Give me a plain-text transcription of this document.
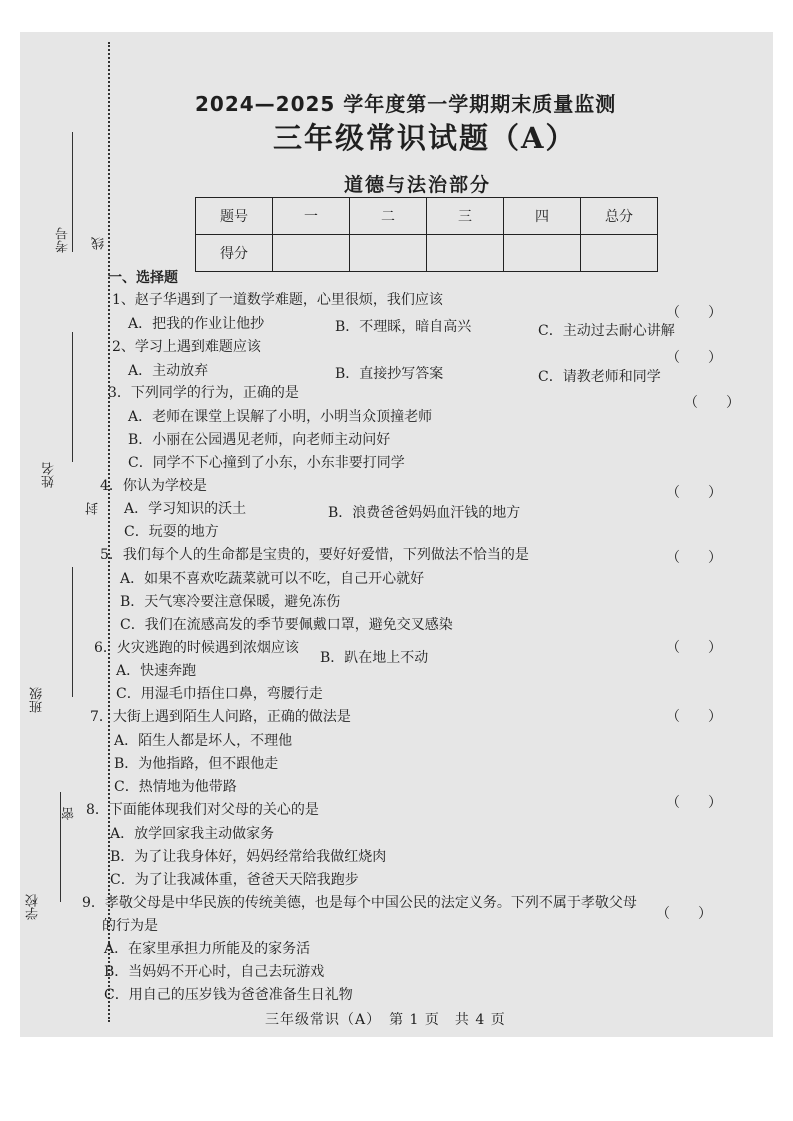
考号 线
姓名
封
班级
密
学校
2024—2025 学年度第一学期期末质量监测
三年级常识试题（A）
道德与法治部分
题号	一	二	三	四	总分
得分					
一、选择题
1、赵子华遇到了一道数学难题，心里很烦，我们应该
（　　）
A．把我的作业让他抄	B．不理睬，暗自高兴	C．主动过去耐心讲解
2、学习上遇到难题应该
（　　）
A．主动放弃	B．直接抄写答案	C．请教老师和同学
3．下列同学的行为，正确的是
（　　）
A．老师在课堂上误解了小明，小明当众顶撞老师
B．小丽在公园遇见老师，向老师主动问好
C．同学不下心撞到了小东，小东非要打同学
4．你认为学校是	（　　）
A．学习知识的沃土	B．浪费爸爸妈妈血汗钱的地方
C．玩耍的地方
5．我们每个人的生命都是宝贵的，要好好爱惜，下列做法不恰当的是	（　　）
A．如果不喜欢吃蔬菜就可以不吃，自己开心就好
B．天气寒冷要注意保暖，避免冻伤
C．我们在流感高发的季节要佩戴口罩，避免交叉感染
6．火灾逃跑的时候遇到浓烟应该	（　　）
A．快速奔跑
B．趴在地上不动
C．用湿毛巾捂住口鼻，弯腰行走
7．大街上遇到陌生人问路，正确的做法是	（　　）
A．陌生人都是坏人，不理他
B．为他指路，但不跟他走
C．热情地为他带路
8．下面能体现我们对父母的关心的是	（　　）
A．放学回家我主动做家务
B．为了让我身体好，妈妈经常给我做红烧肉
C．为了让我减体重，爸爸天天陪我跑步
9．孝敬父母是中华民族的传统美德，也是每个中国公民的法定义务。下列不属于孝敬父母
的行为是
（　　）
A．在家里承担力所能及的家务活
B．当妈妈不开心时，自己去玩游戏
C．用自己的压岁钱为爸爸准备生日礼物
三年级常识（A）　第 1 页　共 4 页
